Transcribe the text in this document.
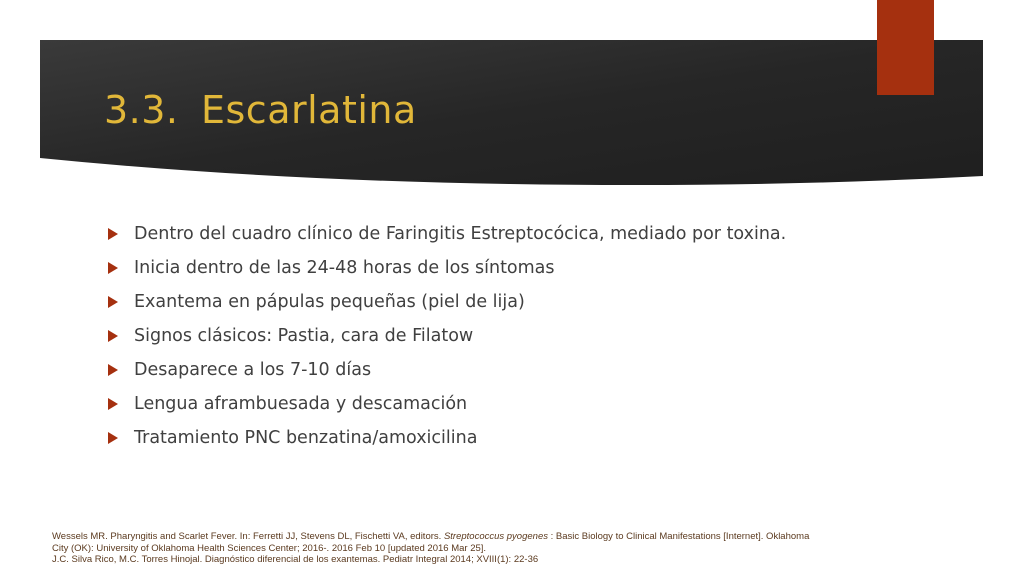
3.3. Escarlatina
Dentro del cuadro clínico de Faringitis Estreptocócica, mediado por toxina.
Inicia dentro de las 24-48 horas de los síntomas
Exantema en pápulas pequeñas (piel de lija)
Signos clásicos: Pastia, cara de Filatow
Desaparece a los 7-10 días
Lengua aframbuesada y descamación
Tratamiento PNC benzatina/amoxicilina

Wessels MR. Pharyngitis and Scarlet Fever. In: Ferretti JJ, Stevens DL, Fischetti VA, editors. Streptococcus pyogenes : Basic Biology to Clinical Manifestations [Internet]. Oklahoma City (OK): University of Oklahoma Health Sciences Center; 2016-. 2016 Feb 10 [updated 2016 Mar 25].

J.C. Silva Rico, M.C. Torres Hinojal. Diagnóstico diferencial de los exantemas. Pediatr Integral 2014; XVIII(1): 22-36
